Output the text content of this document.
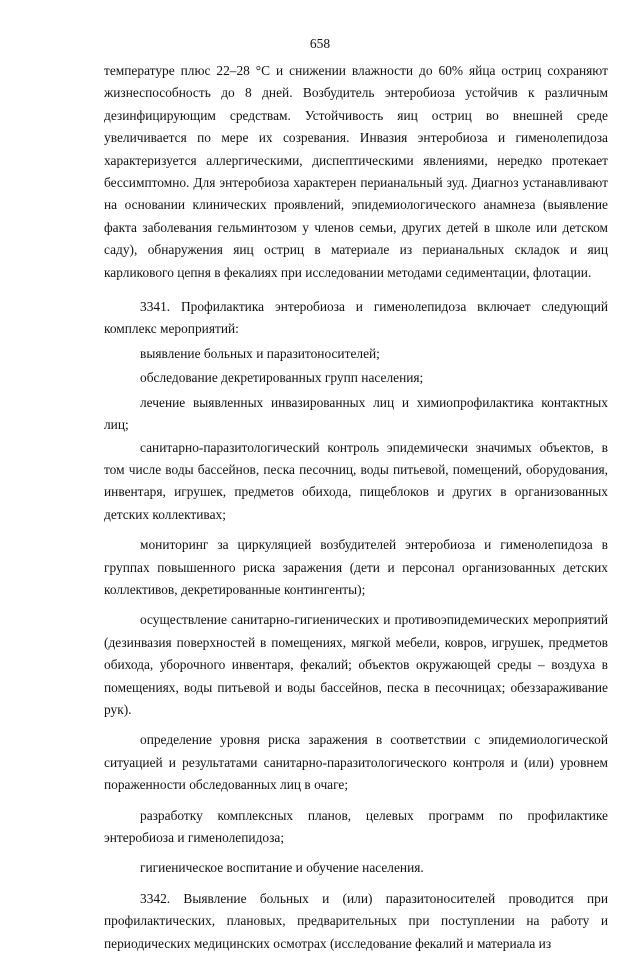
658

температуре плюс 22–28 °С и снижении влажности до 60% яйца остриц сохраняют жизнеспособность до 8 дней. Возбудитель энтеробиоза устойчив к различным дезинфицирующим средствам. Устойчивость яиц остриц во внешней среде увеличивается по мере их созревания. Инвазия энтеробиоза и гименолепидоза характеризуется аллергическими, диспептическими явлениями, нередко протекает бессимптомно. Для энтеробиоза характерен перианальный зуд. Диагноз устанавливают на основании клинических проявлений, эпидемиологического анамнеза (выявление факта заболевания гельминтозом у членов семьи, других детей в школе или детском саду), обнаружения яиц остриц в материале из перианальных складок и яиц карликового цепня в фекалиях при исследовании методами седиментации, флотации.

3341. Профилактика энтеробиоза и гименолепидоза включает следующий комплекс мероприятий:

выявление больных и паразитоносителей;

обследование декретированных групп населения;

лечение выявленных инвазированных лиц и химиопрофилактика контактных лиц;

санитарно-паразитологический контроль эпидемически значимых объектов, в том числе воды бассейнов, песка песочниц, воды питьевой, помещений, оборудования, инвентаря, игрушек, предметов обихода, пищеблоков и других в организованных детских коллективах;

мониторинг за циркуляцией возбудителей энтеробиоза и гименолепидоза в группах повышенного риска заражения (дети и персонал организованных детских коллективов, декретированные контингенты);

осуществление санитарно-гигиенических и противоэпидемических мероприятий (дезинвазия поверхностей в помещениях, мягкой мебели, ковров, игрушек, предметов обихода, уборочного инвентаря, фекалий; объектов окружающей среды – воздуха в помещениях, воды питьевой и воды бассейнов, песка в песочницах; обеззараживание рук).

определение уровня риска заражения в соответствии с эпидемиологической ситуацией и результатами санитарно-паразитологического контроля и (или) уровнем пораженности обследованных лиц в очаге;

разработку комплексных планов, целевых программ по профилактике энтеробиоза и гименолепидоза;

гигиеническое воспитание и обучение населения.

3342. Выявление больных и (или) паразитоносителей проводится при профилактических, плановых, предварительных при поступлении на работу и периодических медицинских осмотрах (исследование фекалий и материала из
